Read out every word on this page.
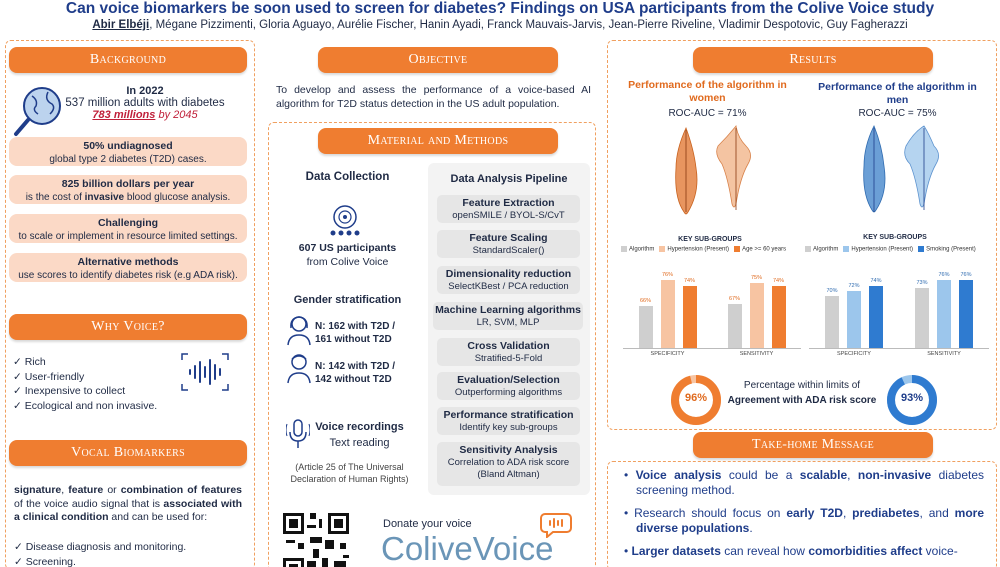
Can voice biomarkers be soon used to screen for diabetes? Findings on USA participants from the Colive Voice study
Abir Elbéji, Mégane Pizzimenti, Gloria Aguayo, Aurélie Fischer, Hanin Ayadi, Franck Mauvais-Jarvis, Jean-Pierre Riveline, Vladimir Despotovic, Guy Fagherazzi
Background
In 2022
537 million adults with diabetes
783 millions by 2045
50% undiagnosed
global type 2 diabetes (T2D) cases.
825 billion dollars per year
is the cost of invasive blood glucose analysis.
Challenging
to scale or implement in resource limited settings.
Alternative methods
use scores to identify diabetes risk (e.g ADA risk).
Why Voice?
✓ Rich
✓ User-friendly
✓ Inexpensive to collect
✓ Ecological and non invasive.
Vocal Biomarkers
signature, feature or combination of features of the voice audio signal that is associated with a clinical condition and can be used for:
✓ Disease diagnosis and monitoring.
✓ Screening.
Objective
To develop and assess the performance of a voice-based AI algorithm for T2D status detection in the US adult population.
Material and Methods
Data Collection
607 US participants
from Colive Voice
Gender stratification
N: 162 with T2D / 161 without T2D
N: 142 with T2D / 142 without T2D
Voice recordings
Text reading
(Article 25 of The Universal Declaration of Human Rights)
Data Analysis Pipeline
Feature Extraction
openSMILE / BYOL-S/CvT
Feature Scaling
StandardScaler()
Dimensionality reduction
SelectKBest / PCA reduction
Machine Learning algorithms
LR, SVM, MLP
Cross Validation
Stratified-5-Fold
Evaluation/Selection
Outperforming algorithms
Performance stratification
Identify key sub-groups
Sensitivity Analysis
Correlation to ADA risk score (Bland Altman)
Donate your voice
ColiveVoice
Results
Performance of the algorithm in women
ROC-AUC = 71%
Performance of the algorithm in men
ROC-AUC = 75%
KEY SUB-GROUPS	KEY SUB-GROUPS
Algorithm Hypertension (Present) Age >= 60 years
66%
76%
74%
SPECIFICITY
67%
75%	74%
SENSITIVITY
Algorithm Hypertension (Present) Smoking (Present)
70%
72%
74%
SPECIFICITY
73%
76%	76%
SENSITIVITY
96%
Percentage within limits of
Agreement with ADA risk score	93%
Take-home Message
• Voice analysis could be a scalable, non-invasive diabetes screening method.
• Research should focus on early T2D, prediabetes, and more diverse populations.
• Larger datasets can reveal how comorbidities affect voice-
